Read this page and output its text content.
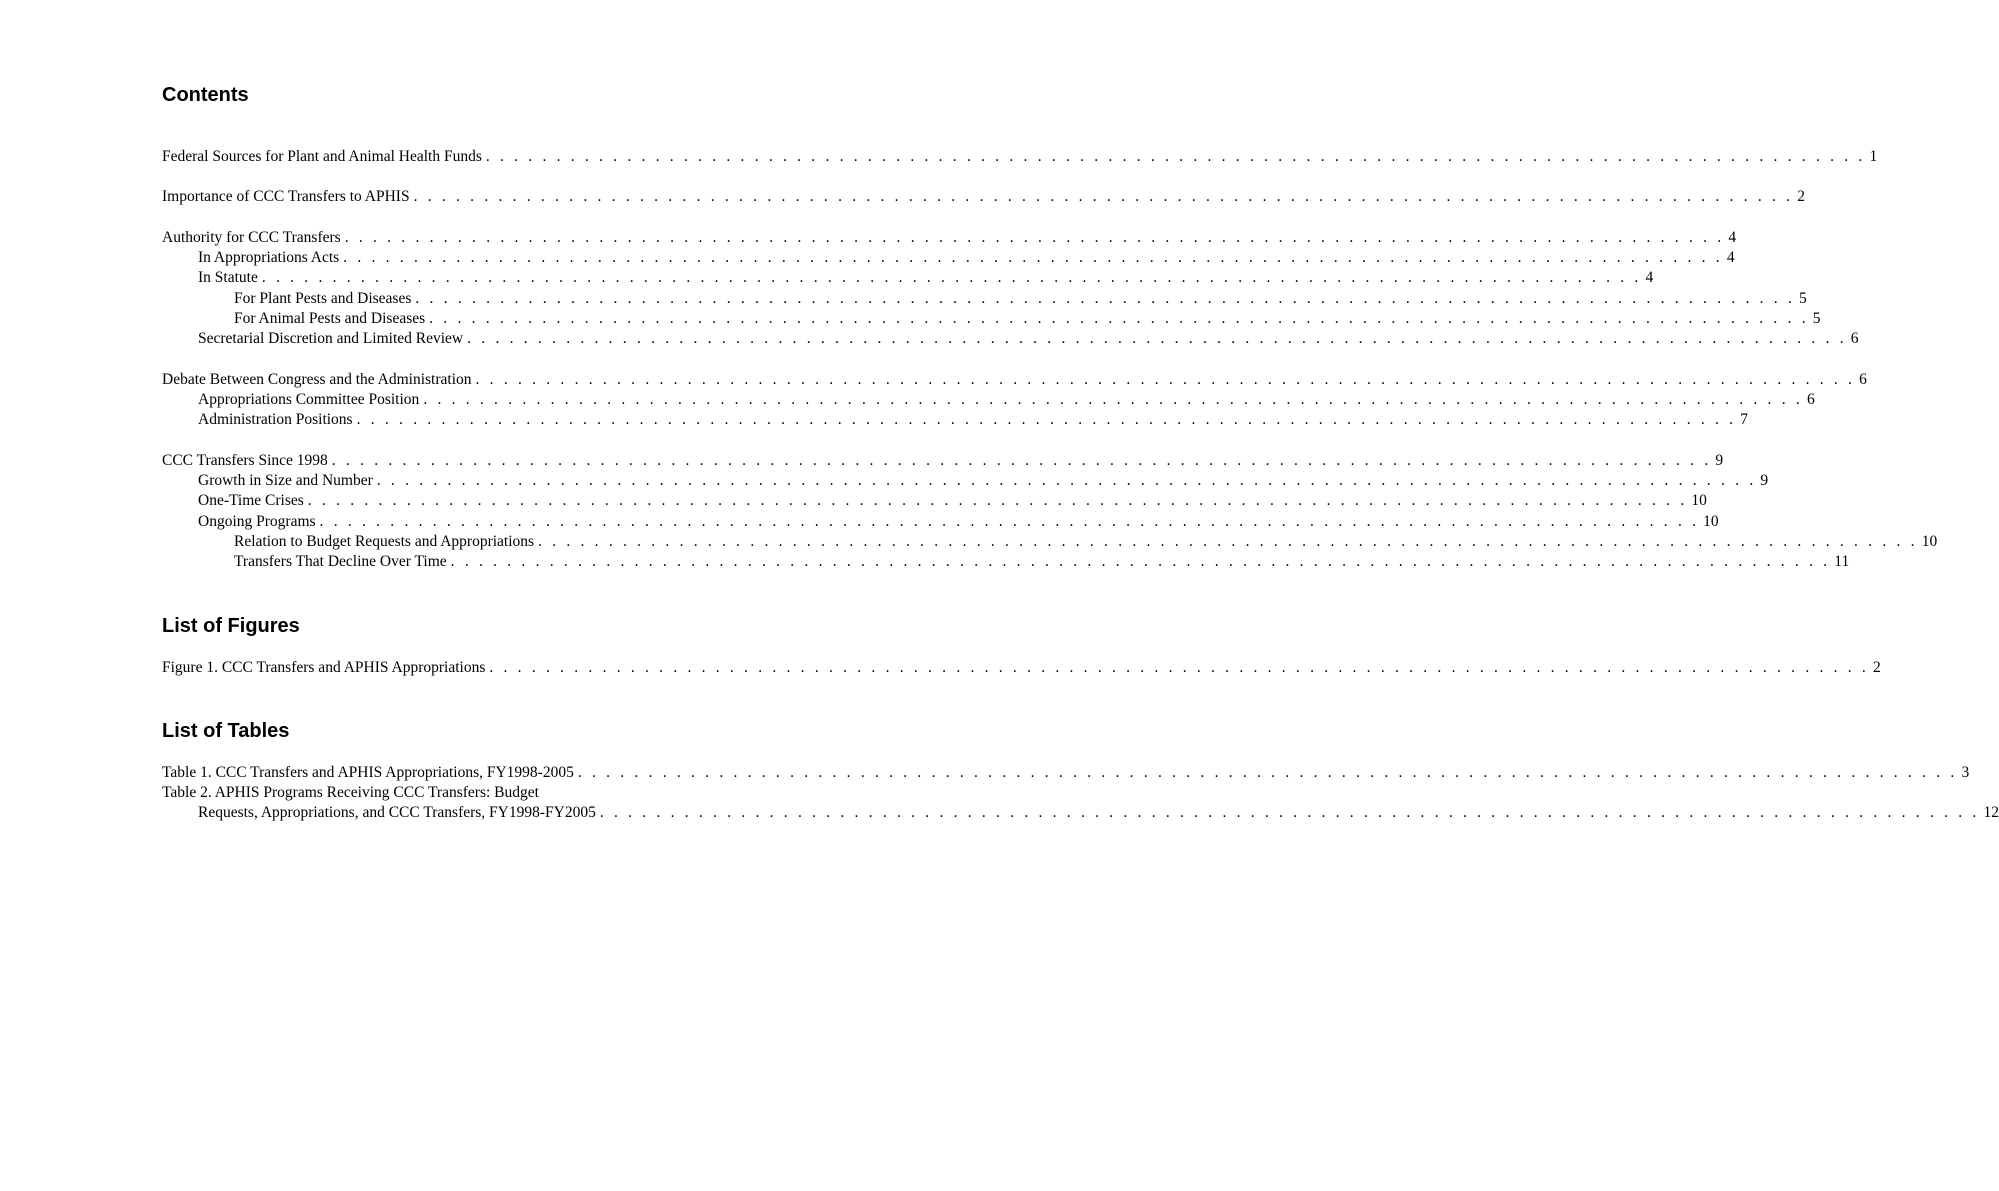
Contents
Federal Sources for Plant and Animal Health Funds . . . . . . . . . . . . . . . . . . . . . . . . . . . . . . . . . . . . . . . . . . . . . . . . . . . . . . . . . . . . . . . . . . . . . . . . . . . . . . . . . . . . . . . . . . . . . . . . . . 1
Importance of CCC Transfers to APHIS . . . . . . . . . . . . . . . . . . . . . . . . . . . . . . . . . . . . . . . . . . . . . . . . . . . . . . . . . . . . . . . . . . . . . . . . . . . . . . . . . . . . . . . . . . . . . . . . . . 2
Authority for CCC Transfers . . . . . . . . . . . . . . . . . . . . . . . . . . . . . . . . . . . . . . . . . . . . . . . . . . . . . . . . . . . . . . . . . . . . . . . . . . . . . . . . . . . . . . . . . . . . . . . . . . 4
In Appropriations Acts . . . . . . . . . . . . . . . . . . . . . . . . . . . . . . . . . . . . . . . . . . . . . . . . . . . . . . . . . . . . . . . . . . . . . . . . . . . . . . . . . . . . . . . . . . . . . . . . . . 4
In Statute . . . . . . . . . . . . . . . . . . . . . . . . . . . . . . . . . . . . . . . . . . . . . . . . . . . . . . . . . . . . . . . . . . . . . . . . . . . . . . . . . . . . . . . . . . . . . . . . . . 4
For Plant Pests and Diseases . . . . . . . . . . . . . . . . . . . . . . . . . . . . . . . . . . . . . . . . . . . . . . . . . . . . . . . . . . . . . . . . . . . . . . . . . . . . . . . . . . . . . . . . . . . . . . . . . . 5
For Animal Pests and Diseases . . . . . . . . . . . . . . . . . . . . . . . . . . . . . . . . . . . . . . . . . . . . . . . . . . . . . . . . . . . . . . . . . . . . . . . . . . . . . . . . . . . . . . . . . . . . . . . . . . 5
Secretarial Discretion and Limited Review . . . . . . . . . . . . . . . . . . . . . . . . . . . . . . . . . . . . . . . . . . . . . . . . . . . . . . . . . . . . . . . . . . . . . . . . . . . . . . . . . . . . . . . . . . . . . . . . . . 6
Debate Between Congress and the Administration . . . . . . . . . . . . . . . . . . . . . . . . . . . . . . . . . . . . . . . . . . . . . . . . . . . . . . . . . . . . . . . . . . . . . . . . . . . . . . . . . . . . . . . . . . . . . . . . . . 6
Appropriations Committee Position . . . . . . . . . . . . . . . . . . . . . . . . . . . . . . . . . . . . . . . . . . . . . . . . . . . . . . . . . . . . . . . . . . . . . . . . . . . . . . . . . . . . . . . . . . . . . . . . . . 6
Administration Positions . . . . . . . . . . . . . . . . . . . . . . . . . . . . . . . . . . . . . . . . . . . . . . . . . . . . . . . . . . . . . . . . . . . . . . . . . . . . . . . . . . . . . . . . . . . . . . . . . . 7
CCC Transfers Since 1998 . . . . . . . . . . . . . . . . . . . . . . . . . . . . . . . . . . . . . . . . . . . . . . . . . . . . . . . . . . . . . . . . . . . . . . . . . . . . . . . . . . . . . . . . . . . . . . . . . . 9
Growth in Size and Number . . . . . . . . . . . . . . . . . . . . . . . . . . . . . . . . . . . . . . . . . . . . . . . . . . . . . . . . . . . . . . . . . . . . . . . . . . . . . . . . . . . . . . . . . . . . . . . . . . 9
One-Time Crises . . . . . . . . . . . . . . . . . . . . . . . . . . . . . . . . . . . . . . . . . . . . . . . . . . . . . . . . . . . . . . . . . . . . . . . . . . . . . . . . . . . . . . . . . . . . . . . . . . 10
Ongoing Programs . . . . . . . . . . . . . . . . . . . . . . . . . . . . . . . . . . . . . . . . . . . . . . . . . . . . . . . . . . . . . . . . . . . . . . . . . . . . . . . . . . . . . . . . . . . . . . . . . . 10
Relation to Budget Requests and Appropriations . . . . . . . . . . . . . . . . . . . . . . . . . . . . . . . . . . . . . . . . . . . . . . . . . . . . . . . . . . . . . . . . . . . . . . . . . . . . . . . . . . . . . . . . . . . . . . . . . . 10
Transfers That Decline Over Time . . . . . . . . . . . . . . . . . . . . . . . . . . . . . . . . . . . . . . . . . . . . . . . . . . . . . . . . . . . . . . . . . . . . . . . . . . . . . . . . . . . . . . . . . . . . . . . . . . 11
List of Figures
Figure 1. CCC Transfers and APHIS Appropriations . . . . . . . . . . . . . . . . . . . . . . . . . . . . . . . . . . . . . . . . . . . . . . . . . . . . . . . . . . . . . . . . . . . . . . . . . . . . . . . . . . . . . . . . . . . . . . . . . . 2
List of Tables
Table 1. CCC Transfers and APHIS Appropriations, FY1998-2005 . . . . . . . . . . . . . . . . . . . . . . . . . . . . . . . . . . . . . . . . . . . . . . . . . . . . . . . . . . . . . . . . . . . . . . . . . . . . . . . . . . . . . . . . . . . . . . . . . . 3
Table 2. APHIS Programs Receiving CCC Transfers: Budget
Requests, Appropriations, and CCC Transfers, FY1998-FY2005 . . . . . . . . . . . . . . . . . . . . . . . . . . . . . . . . . . . . . . . . . . . . . . . . . . . . . . . . . . . . . . . . . . . . . . . . . . . . . . . . . . . . . . . . . . . . . . . . . . 12
